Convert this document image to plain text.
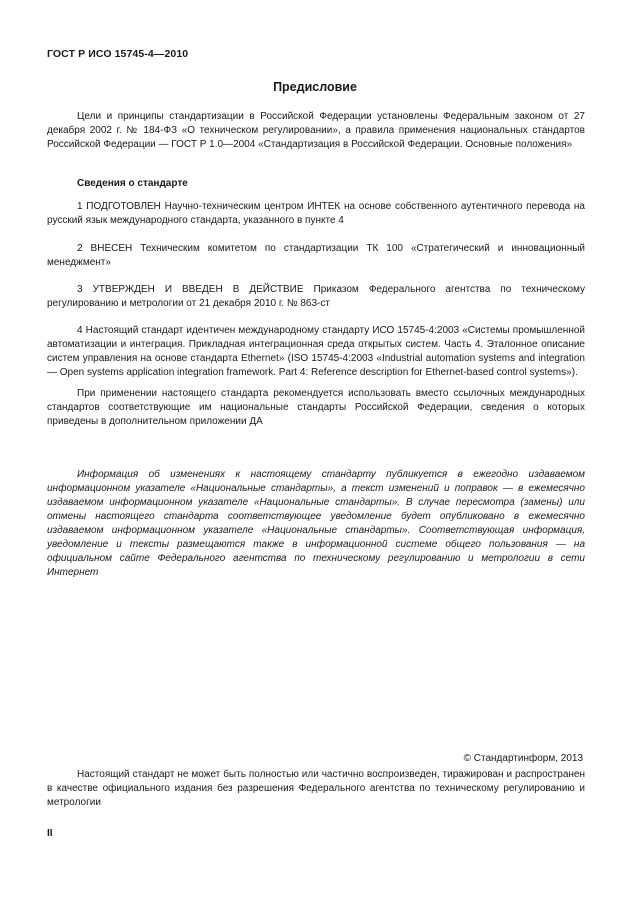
ГОСТ Р ИСО 15745-4—2010
Предисловие

Цели и принципы стандартизации в Российской Федерации установлены Федеральным законом от 27 декабря 2002 г. № 184-ФЗ «О техническом регулировании», а правила применения национальных стандартов Российской Федерации — ГОСТ Р 1.0—2004 «Стандартизация в Российской Федерации. Основные положения»

Сведения о стандарте

1 ПОДГОТОВЛЕН Научно-техническим центром ИНТЕК на основе собственного аутентичного перевода на русский язык международного стандарта, указанного в пункте 4

2 ВНЕСЕН Техническим комитетом по стандартизации ТК 100 «Стратегический и инновационный менеджмент»

3 УТВЕРЖДЕН И ВВЕДЕН В ДЕЙСТВИЕ Приказом Федерального агентства по техническому регулированию и метрологии от 21 декабря 2010 г. № 863-ст

4 Настоящий стандарт идентичен международному стандарту ИСО 15745-4:2003 «Системы промышленной автоматизации и интеграция. Прикладная интеграционная среда открытых систем. Часть 4. Эталонное описание систем управления на основе стандарта Ethernet» (ISO 15745-4:2003 «Industrial automation systems and integration — Open systems application integration framework. Part 4: Reference description for Ethernet-based control systems»).

При применении настоящего стандарта рекомендуется использовать вместо ссылочных международных стандартов соответствующие им национальные стандарты Российской Федерации, сведения о которых приведены в дополнительном приложении ДА

Информация об изменениях к настоящему стандарту публикуется в ежегодно издаваемом информационном указателе «Национальные стандарты», а текст изменений и поправок — в ежемесячно издаваемом информационном указателе «Национальные стандарты». В случае пересмотра (замены) или отмены настоящего стандарта соответствующее уведомление будет опубликовано в ежемесячно издаваемом информационном указателе «Национальные стандарты». Соответствующая информация, уведомление и тексты размещаются также в информационной системе общего пользования — на официальном сайте Федерального агентства по техническому регулированию и метрологии в сети Интернет

© Стандартинформ, 2013

Настоящий стандарт не может быть полностью или частично воспроизведен, тиражирован и распространен в качестве официального издания без разрешения Федерального агентства по техническому регулированию и метрологии

II
